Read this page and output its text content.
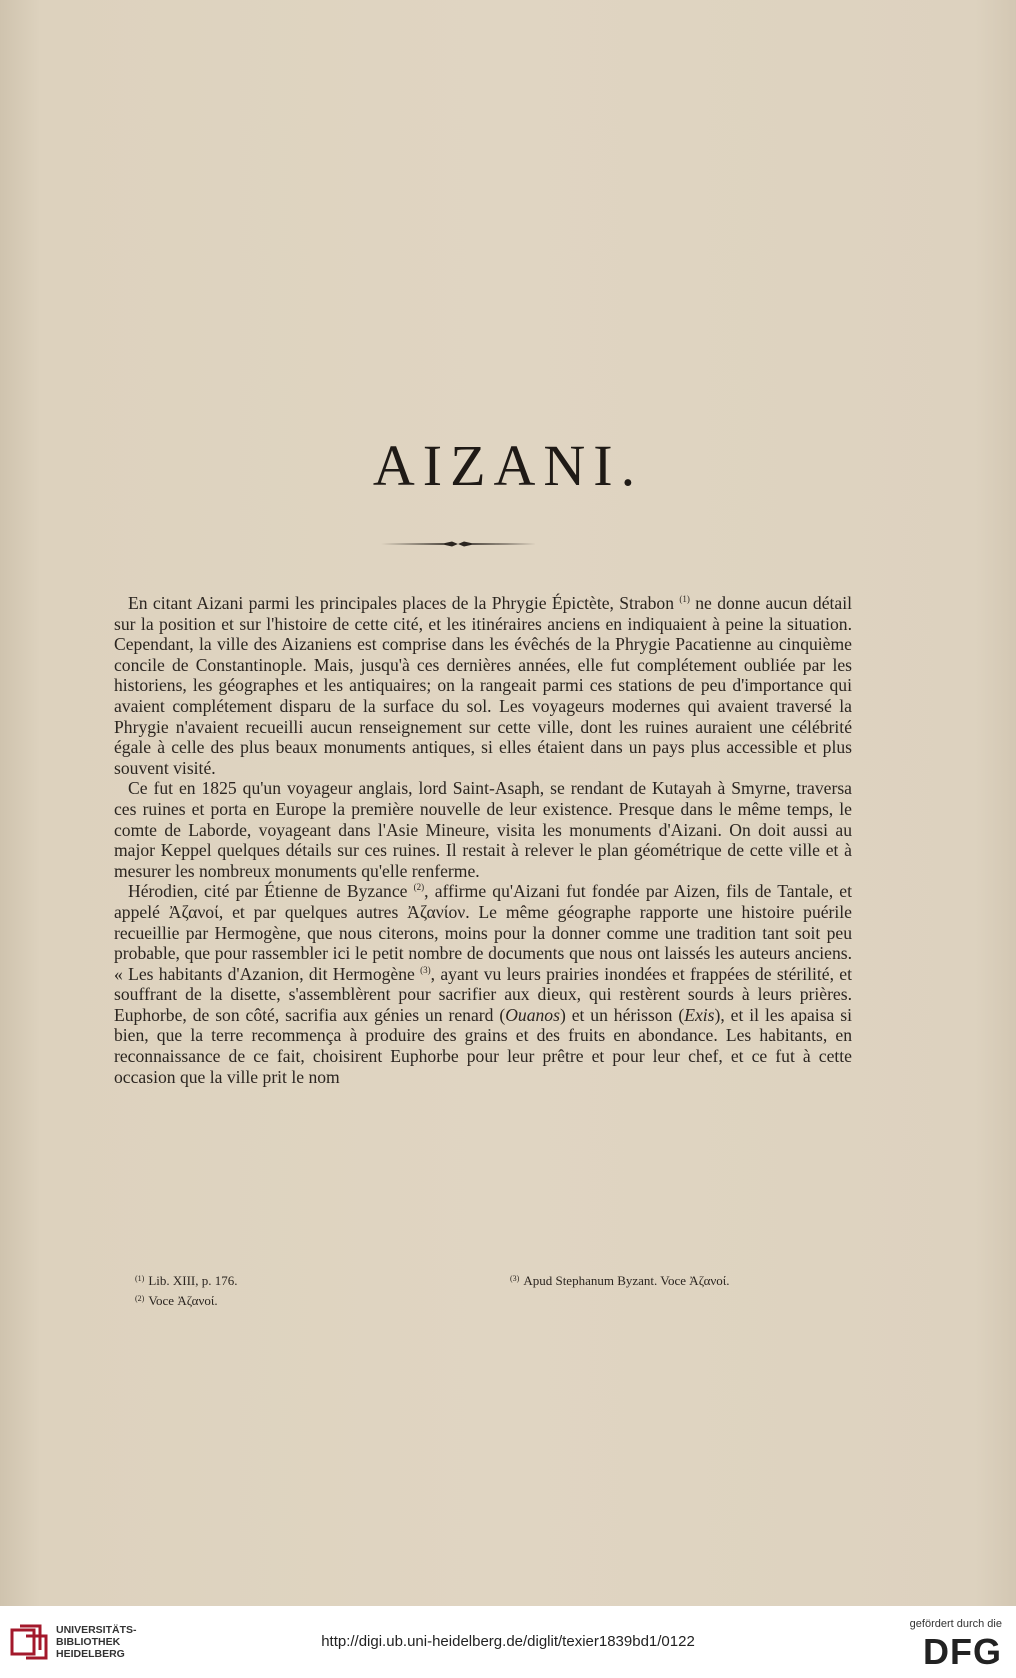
AIZANI.

En citant Aizani parmi les principales places de la Phrygie Épictète, Strabon $^{(1)}$ ne donne aucun détail sur la position et sur l'histoire de cette cité, et les itinéraires anciens en indiquaient à peine la situation. Cependant, la ville des Aizaniens est comprise dans les évêchés de la Phrygie Pacatienne au cinquième concile de Constantinople. Mais, jusqu'à ces dernières années, elle fut complétement oubliée par les historiens, les géographes et les antiquaires; on la rangeait parmi ces stations de peu d'importance qui avaient complétement disparu de la surface du sol. Les voyageurs modernes qui avaient traversé la Phrygie n'avaient recueilli aucun renseignement sur cette ville, dont les ruines auraient une célébrité égale à celle des plus beaux monuments antiques, si elles étaient dans un pays plus accessible et plus souvent visité.

Ce fut en 1825 qu'un voyageur anglais, lord Saint-Asaph, se rendant de Kutayah à Smyrne, traversa ces ruines et porta en Europe la première nouvelle de leur existence. Presque dans le même temps, le comte de Laborde, voyageant dans l'Asie Mineure, visita les monuments d'Aizani. On doit aussi au major Keppel quelques détails sur ces ruines. Il restait à relever le plan géométrique de cette ville et à mesurer les nombreux monuments qu'elle renferme.

Hérodien, cité par Étienne de Byzance $^{(2)}$, affirme qu'Aizani fut fondée par Aizen, fils de Tantale, et appelé Ἀζανοί, et par quelques autres Ἀζανίον. Le même géographe rapporte une histoire puérile recueillie par Hermogène, que nous citerons, moins pour la donner comme une tradition tant soit peu probable, que pour rassembler ici le petit nombre de documents que nous ont laissés les auteurs anciens. « Les habitants d'Azanion, dit Hermogène $^{(3)}$, ayant vu leurs prairies inondées et frappées de stérilité, et souffrant de la disette, s'assemblèrent pour sacrifier aux dieux, qui restèrent sourds à leurs prières. Euphorbe, de son côté, sacrifia aux génies un renard (Ouanos) et un hérisson (Exis), et il les apaisa si bien, que la terre recommença à produire des grains et des fruits en abondance. Les habitants, en reconnaissance de ce fait, choisirent Euphorbe pour leur prêtre et pour leur chef, et ce fut à cette occasion que la ville prit le nom

$^{(1)}$ Lib. XIII, p. 176.
$^{(2)}$ Voce Ἀζανοί.
$^{(3)}$ Apud Stephanum Byzant. Voce Ἀζανοί.
UNIVERSITÄTS-
BIBLIOTHEK
HEIDELBERG
http://digi.ub.uni-heidelberg.de/diglit/texier1839bd1/0122
gefördert durch die
DFG
